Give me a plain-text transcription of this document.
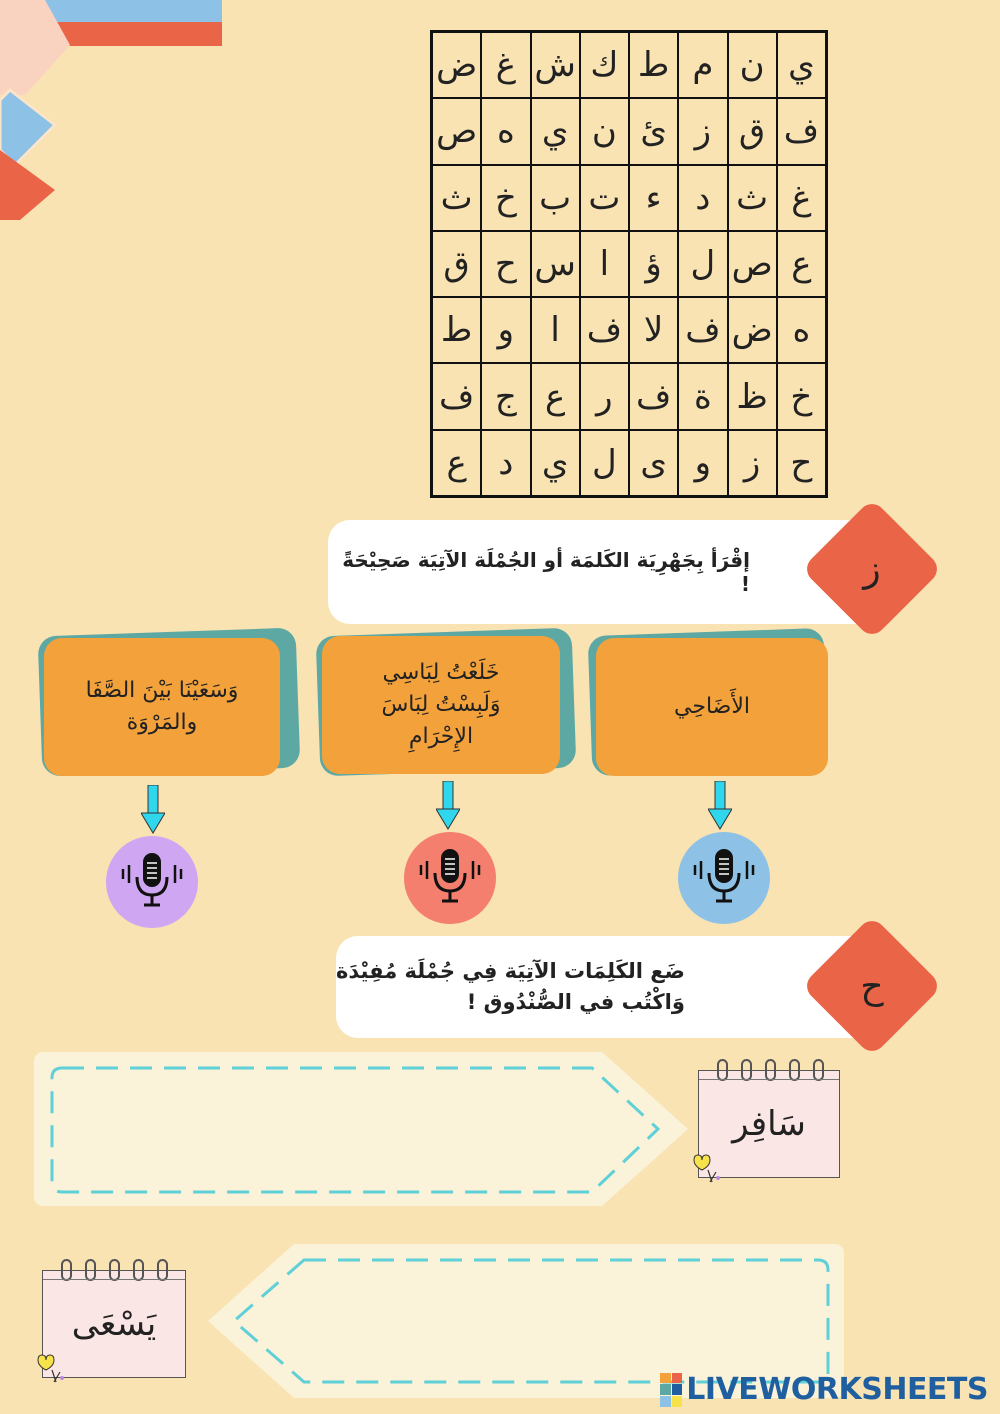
ض غ ش ك ط م ن ي
ص ه ي ن ئ ز ق ف
ث خ ب ت ء د ث غ
ق ح س ا	ؤ ل ص ع
ط و	ا ف لا ف ض ه
ف ج ع ر ف ة ظ خ
ع د ي ل ى و ز ح
إقْرَأ بِجَهْرِيَة الكَلمَة أو الجُمْلَة الآتِيَة صَحِيْحَةً !	ز
الأَضَاحِي
خَلَعْتُ لِبَاسِي
وَلَبِسْتُ لِبَاسَ
الإِحْرَامِ
وَسَعَيْنَا بَيْنَ الصَّفَا
والمَرْوَة
ضَع الكَلِمَات الآتِيَة فِي جُمْلَة مُفِيْدَة
وَاكْتُب في الصُّنْدُوق !	ح
سَافِر
يَسْعَى
LIVEWORKSHEETS
